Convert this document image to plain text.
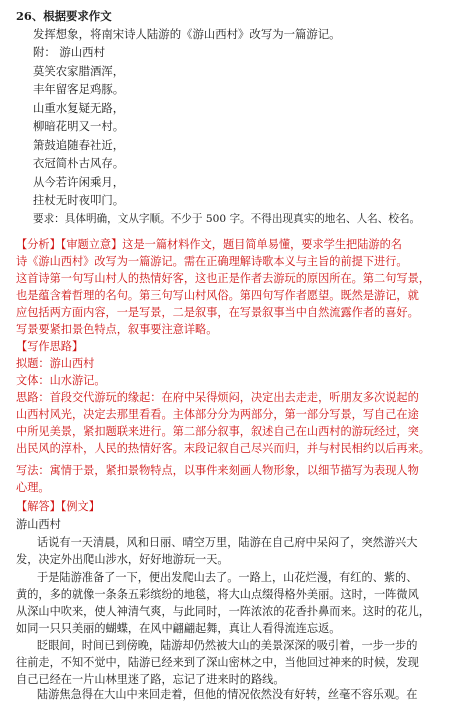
26、根据要求作文
发挥想象，将南宋诗人陆游的《游山西村》改写为一篇游记。
附： 游山西村
莫笑农家腊酒浑，
丰年留客足鸡豚。
山重水复疑无路，
柳暗花明又一村。
箫鼓追随春社近，
衣冠简朴古风存。
从今若许闲乘月，
拄杖无时夜叩门。
要求：具体明确，文从字顺。不少于 500 字。不得出现真实的地名、人名、校名。
【分析】【审题立意】这是一篇材料作文，题目简单易懂，要求学生把陆游的名
诗《游山西村》改写为一篇游记。需在正确理解诗歌本义与主旨的前提下进行。
这首诗第一句写山村人的热情好客，这也正是作者去游玩的原因所在。第二句写景，
也是蕴含着哲理的名句。第三句写山村风俗。第四句写作者愿望。既然是游记，就
应包括两方面内容，一是写景，二是叙事，在写景叙事当中自然流露作者的喜好。
写景要紧扣景色特点，叙事要注意详略。
【写作思路】
拟题：游山西村
文体：山水游记。
思路：首段交代游玩的缘起：在府中呆得烦闷，决定出去走走，听朋友多次说起的
山西村风光，决定去那里看看。主体部分分为两部分，第一部分写景，写自己在途
中所见美景，紧扣题联来进行。第二部分叙事，叙述自己在山西村的游玩经过，突
出民风的淳朴，人民的热情好客。末段记叙自己尽兴而归，并与村民相约以后再来。
写法：寓情于景，紧扣景物特点，以事件来刻画人物形象，以细节描写为表现人物
心理。
【解答】【例文】
游山西村
话说有一天清晨，风和日丽、晴空万里，陆游在自己府中呆闷了，突然游兴大
发，决定外出爬山涉水，好好地游玩一天。
于是陆游准备了一下，便出发爬山去了。一路上，山花烂漫，有红的、紫的、
黄的，多的就像一条条五彩缤纷的地毯，将大山点缀得格外美丽。这时，一阵微风
从深山中吹来，使人神清气爽，与此同时，一阵浓浓的花香扑鼻而来。这时的花儿，
如同一只只美丽的蝴蝶，在风中翩翩起舞，真让人看得流连忘返。
眨眼间，时间已到傍晚，陆游却仍然被大山的美景深深的吸引着，一步一步的
往前走，不知不觉中，陆游已经来到了深山密林之中，当他回过神来的时候，发现
自己已经在一片山林里迷了路，忘记了进来时的路线。
陆游焦急得在大山中来回走着，但他的情况依然没有好转，丝毫不容乐观。在
